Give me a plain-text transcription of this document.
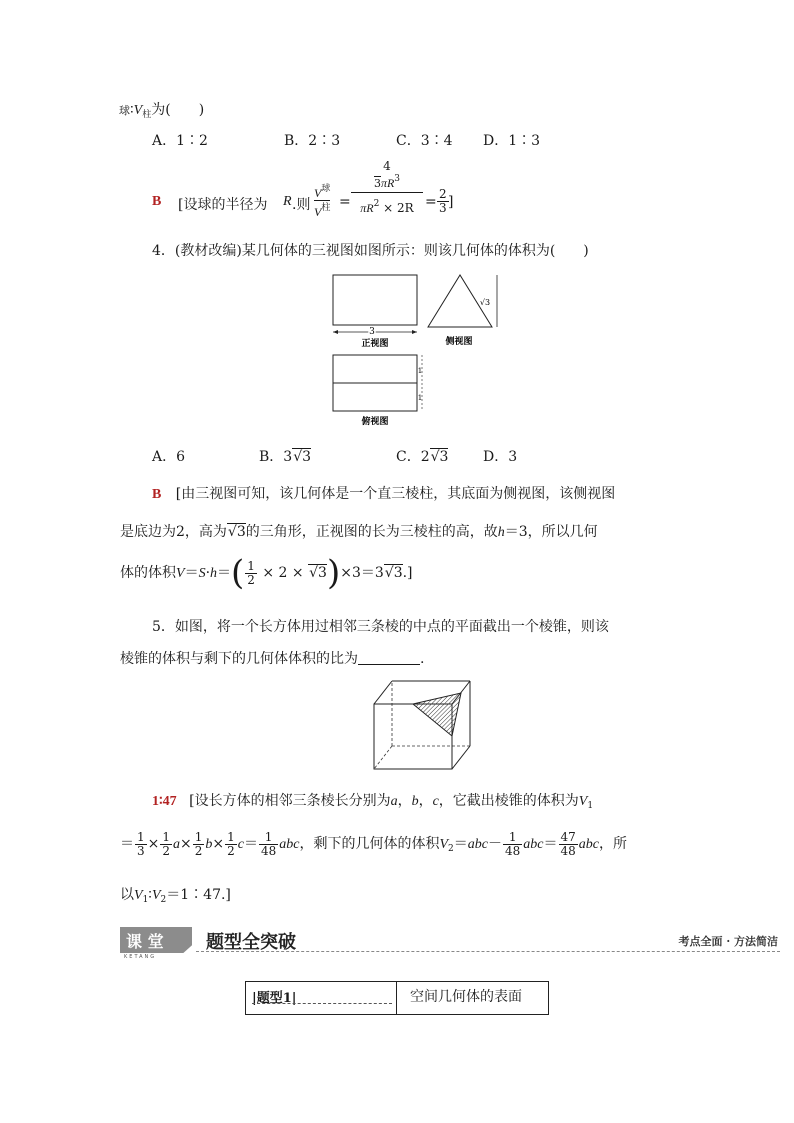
球$∶V_柱$为(　　)
A．1∶2	B．2∶3	C．3∶4 D．1∶3
B [设球的半径为 R .则
$V^球$
$V^柱$ =
4
$3\pi R^3$
$\pi R^2 \times 2R = \frac{2}{3}$ ]
4．(教材改编)某几何体的三视图如图所示：则该几何体的体积为(　　)
3
正视图
√3
侧视图
1
1
俯视图
A．6	B．3 √ 3	C．2 √ 3 D．3
B [由三视图可知，该几何体是一个直三棱柱，其底面为侧视图，该侧视图
是底边为2，高为 √ 3的三角形，正视图的长为三棱柱的高，故h＝3，所以几何
体的体积$V=S\cdot h=( \frac{1}{2} \times 2$ × √ 3)×3＝3 √ 3.]
5．如图，将一个长方体用过相邻三条棱的中点的平面截出一个棱锥，则该
棱锥的体积与剩下的几何体体积的比为	.
1∶47 [设长方体的相邻三条棱长分别为a，b，c，它截出棱锥的体积为$V_1$
＝ $\frac{1}{3} \times \frac{1}{2} a\times \frac{1}{2} b\times \frac{1}{2} c= \frac{1}{48}$ abc，剩下的几何体的体积$V_2=abc- \frac{1}{48} abc= \frac{47}{48}$ abc，所
以$V_1∶V_2=1∶47$.]
课 堂
KETANG
题型全突破	考点全面 · 方法简洁
|题型1|	空间几何体的表面
